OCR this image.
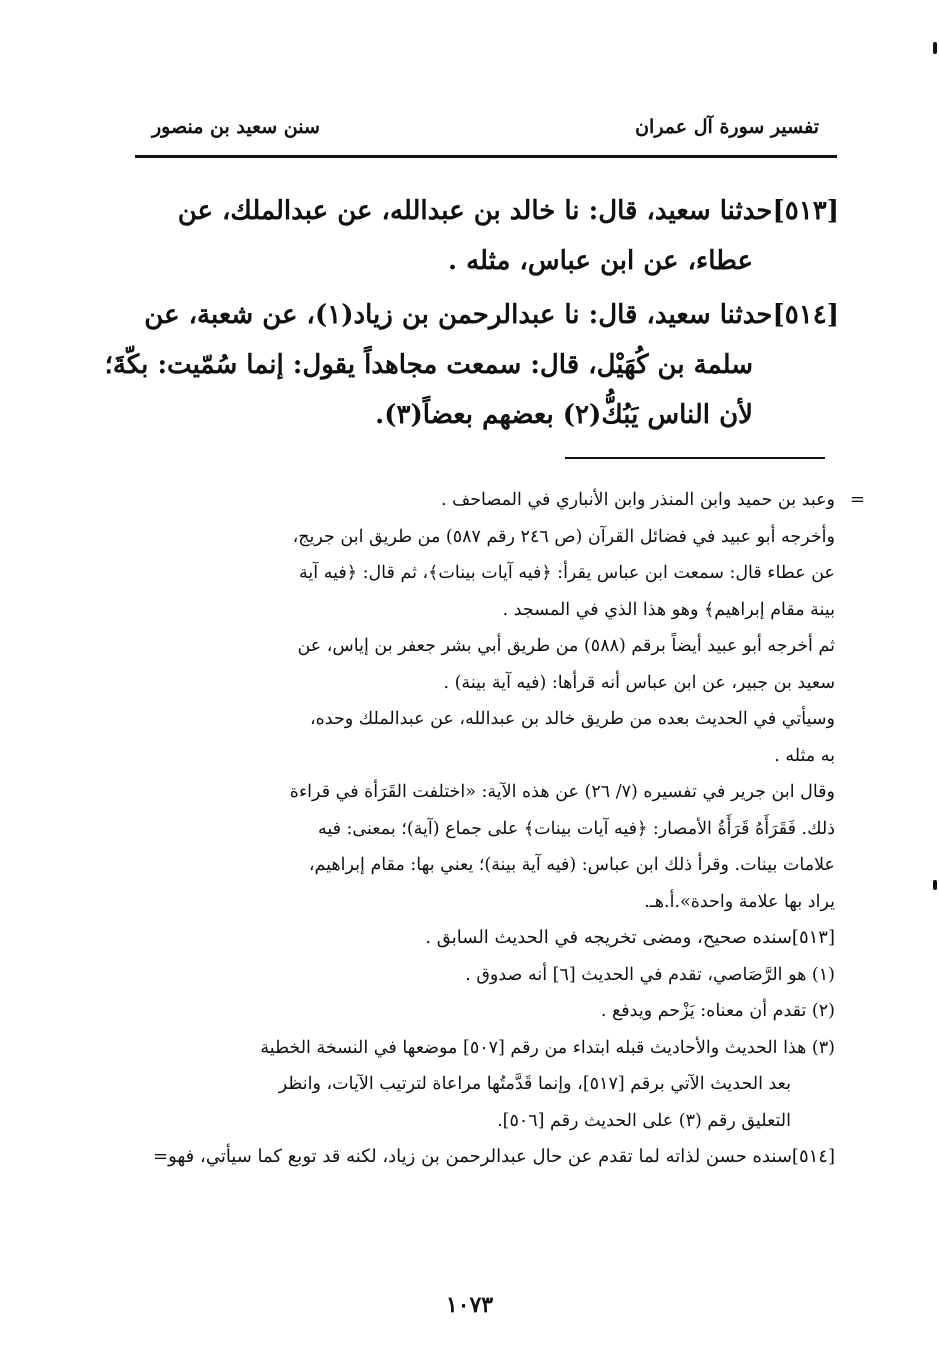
تفسير سورة آل عمران
سنن سعيد بن منصور

[٥١٣]حدثنا سعيد، قال: نا خالد بن عبدالله، عن عبدالملك، عن

عطاء، عن ابن عباس، مثله .

[٥١٤]حدثنا سعيد، قال: نا عبدالرحمن بن زياد(١)، عن شعبة، عن

سلمة بن كُهَيْل، قال: سمعت مجاهداً يقول: إنما سُمّيت: بكّةَ؛

لأن الناس يَبُكُّ(٢) بعضهم بعضاً(٣).

=
وعبد بن حميد وابن المنذر وابن الأنباري في المصاحف .
وأخرجه أبو عبيد في فضائل القرآن (ص ٢٤٦ رقم ٥٨٧) من طريق ابن جريج،
عن عطاء قال: سمعت ابن عباس يقرأ: ﴿فيه آيات بينات﴾، ثم قال: ﴿فيه آية
بينة مقام إبراهيم﴾ وهو هذا الذي في المسجد .
ثم أخرجه أبو عبيد أيضاً برقم (٥٨٨) من طريق أبي بشر جعفر بن إياس، عن
سعيد بن جبير، عن ابن عباس أنه قرأها: (فيه آية بينة) .
وسيأتي في الحديث بعده من طريق خالد بن عبدالله، عن عبدالملك وحده،
به مثله .
وقال ابن جرير في تفسيره (٧/ ٢٦) عن هذه الآية: «اختلفت القَرَأة في قراءة
ذلك. فَقَرَأَهُ قَرَأَةُ الأمصار: ﴿فيه آيات بينات﴾ على جماع (آية)؛ بمعنى: فيه
علامات بينات. وقرأ ذلك ابن عباس: (فيه آية بينة)؛ يعني بها: مقام إبراهيم،
يراد بها علامة واحدة».أ.هـ.
[٥١٣]سنده صحيح، ومضى تخريجه في الحديث السابق .
(١) هو الرَّصَاصي، تقدم في الحديث [٦] أنه صدوق .
(٢) تقدم أن معناه: يَزْحم ويدفع .
(٣) هذا الحديث والأحاديث قبله ابتداء من رقم [٥٠٧] موضعها في النسخة الخطية
بعد الحديث الآتي برقم [٥١٧]، وإنما قَدَّمتُها مراعاة لترتيب الآيات، وانظر
التعليق رقم (٣) على الحديث رقم [٥٠٦].
[٥١٤]سنده حسن لذاته لما تقدم عن حال عبدالرحمن بن زياد، لكنه قد توبع كما سيأتي، فهو=
١٠٧٣
